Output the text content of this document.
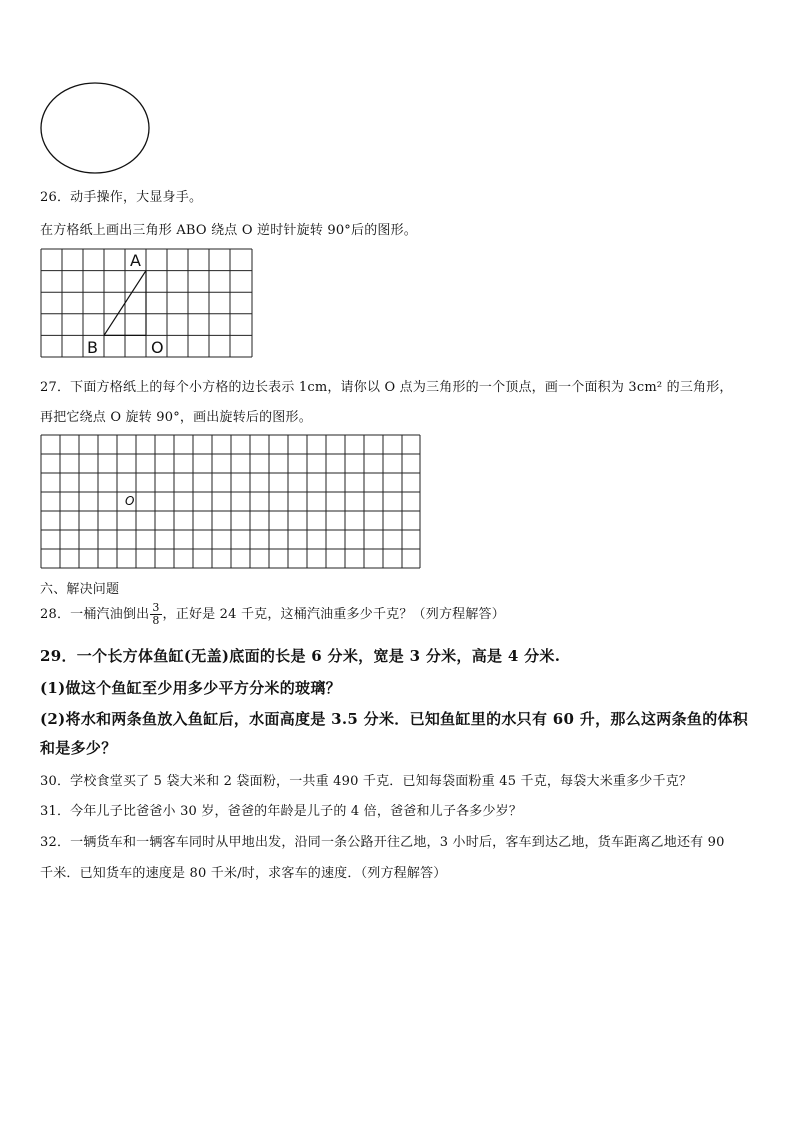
26．动手操作，大显身手。
在方格纸上画出三角形 ABO 绕点 O 逆时针旋转 90°后的图形。
A
B	O
27．下面方格纸上的每个小方格的边长表示 1cm，请你以 O 点为三角形的一个顶点，画一个面积为 3cm² 的三角形，
再把它绕点 O 旋转 90°，画出旋转后的图形。
O
六、解决问题
28．一桶汽油倒出 $\frac{3}{8}$ ，正好是 24 千克，这桶汽油重多少千克？（列方程解答）
29．一个长方体鱼缸(无盖)底面的长是 6 分米，宽是 3 分米，高是 4 分米.
(1)做这个鱼缸至少用多少平方分米的玻璃？
(2)将水和两条鱼放入鱼缸后，水面高度是 3.5 分米．已知鱼缸里的水只有 60 升，那么这两条鱼的体积
和是多少？
30．学校食堂买了 5 袋大米和 2 袋面粉，一共重 490 千克．已知每袋面粉重 45 千克，每袋大米重多少千克？
31．今年儿子比爸爸小 30 岁，爸爸的年龄是儿子的 4 倍，爸爸和儿子各多少岁？
32．一辆货车和一辆客车同时从甲地出发，沿同一条公路开往乙地，3 小时后，客车到达乙地，货车距离乙地还有 90
千米．已知货车的速度是 80 千米/时，求客车的速度．（列方程解答）
